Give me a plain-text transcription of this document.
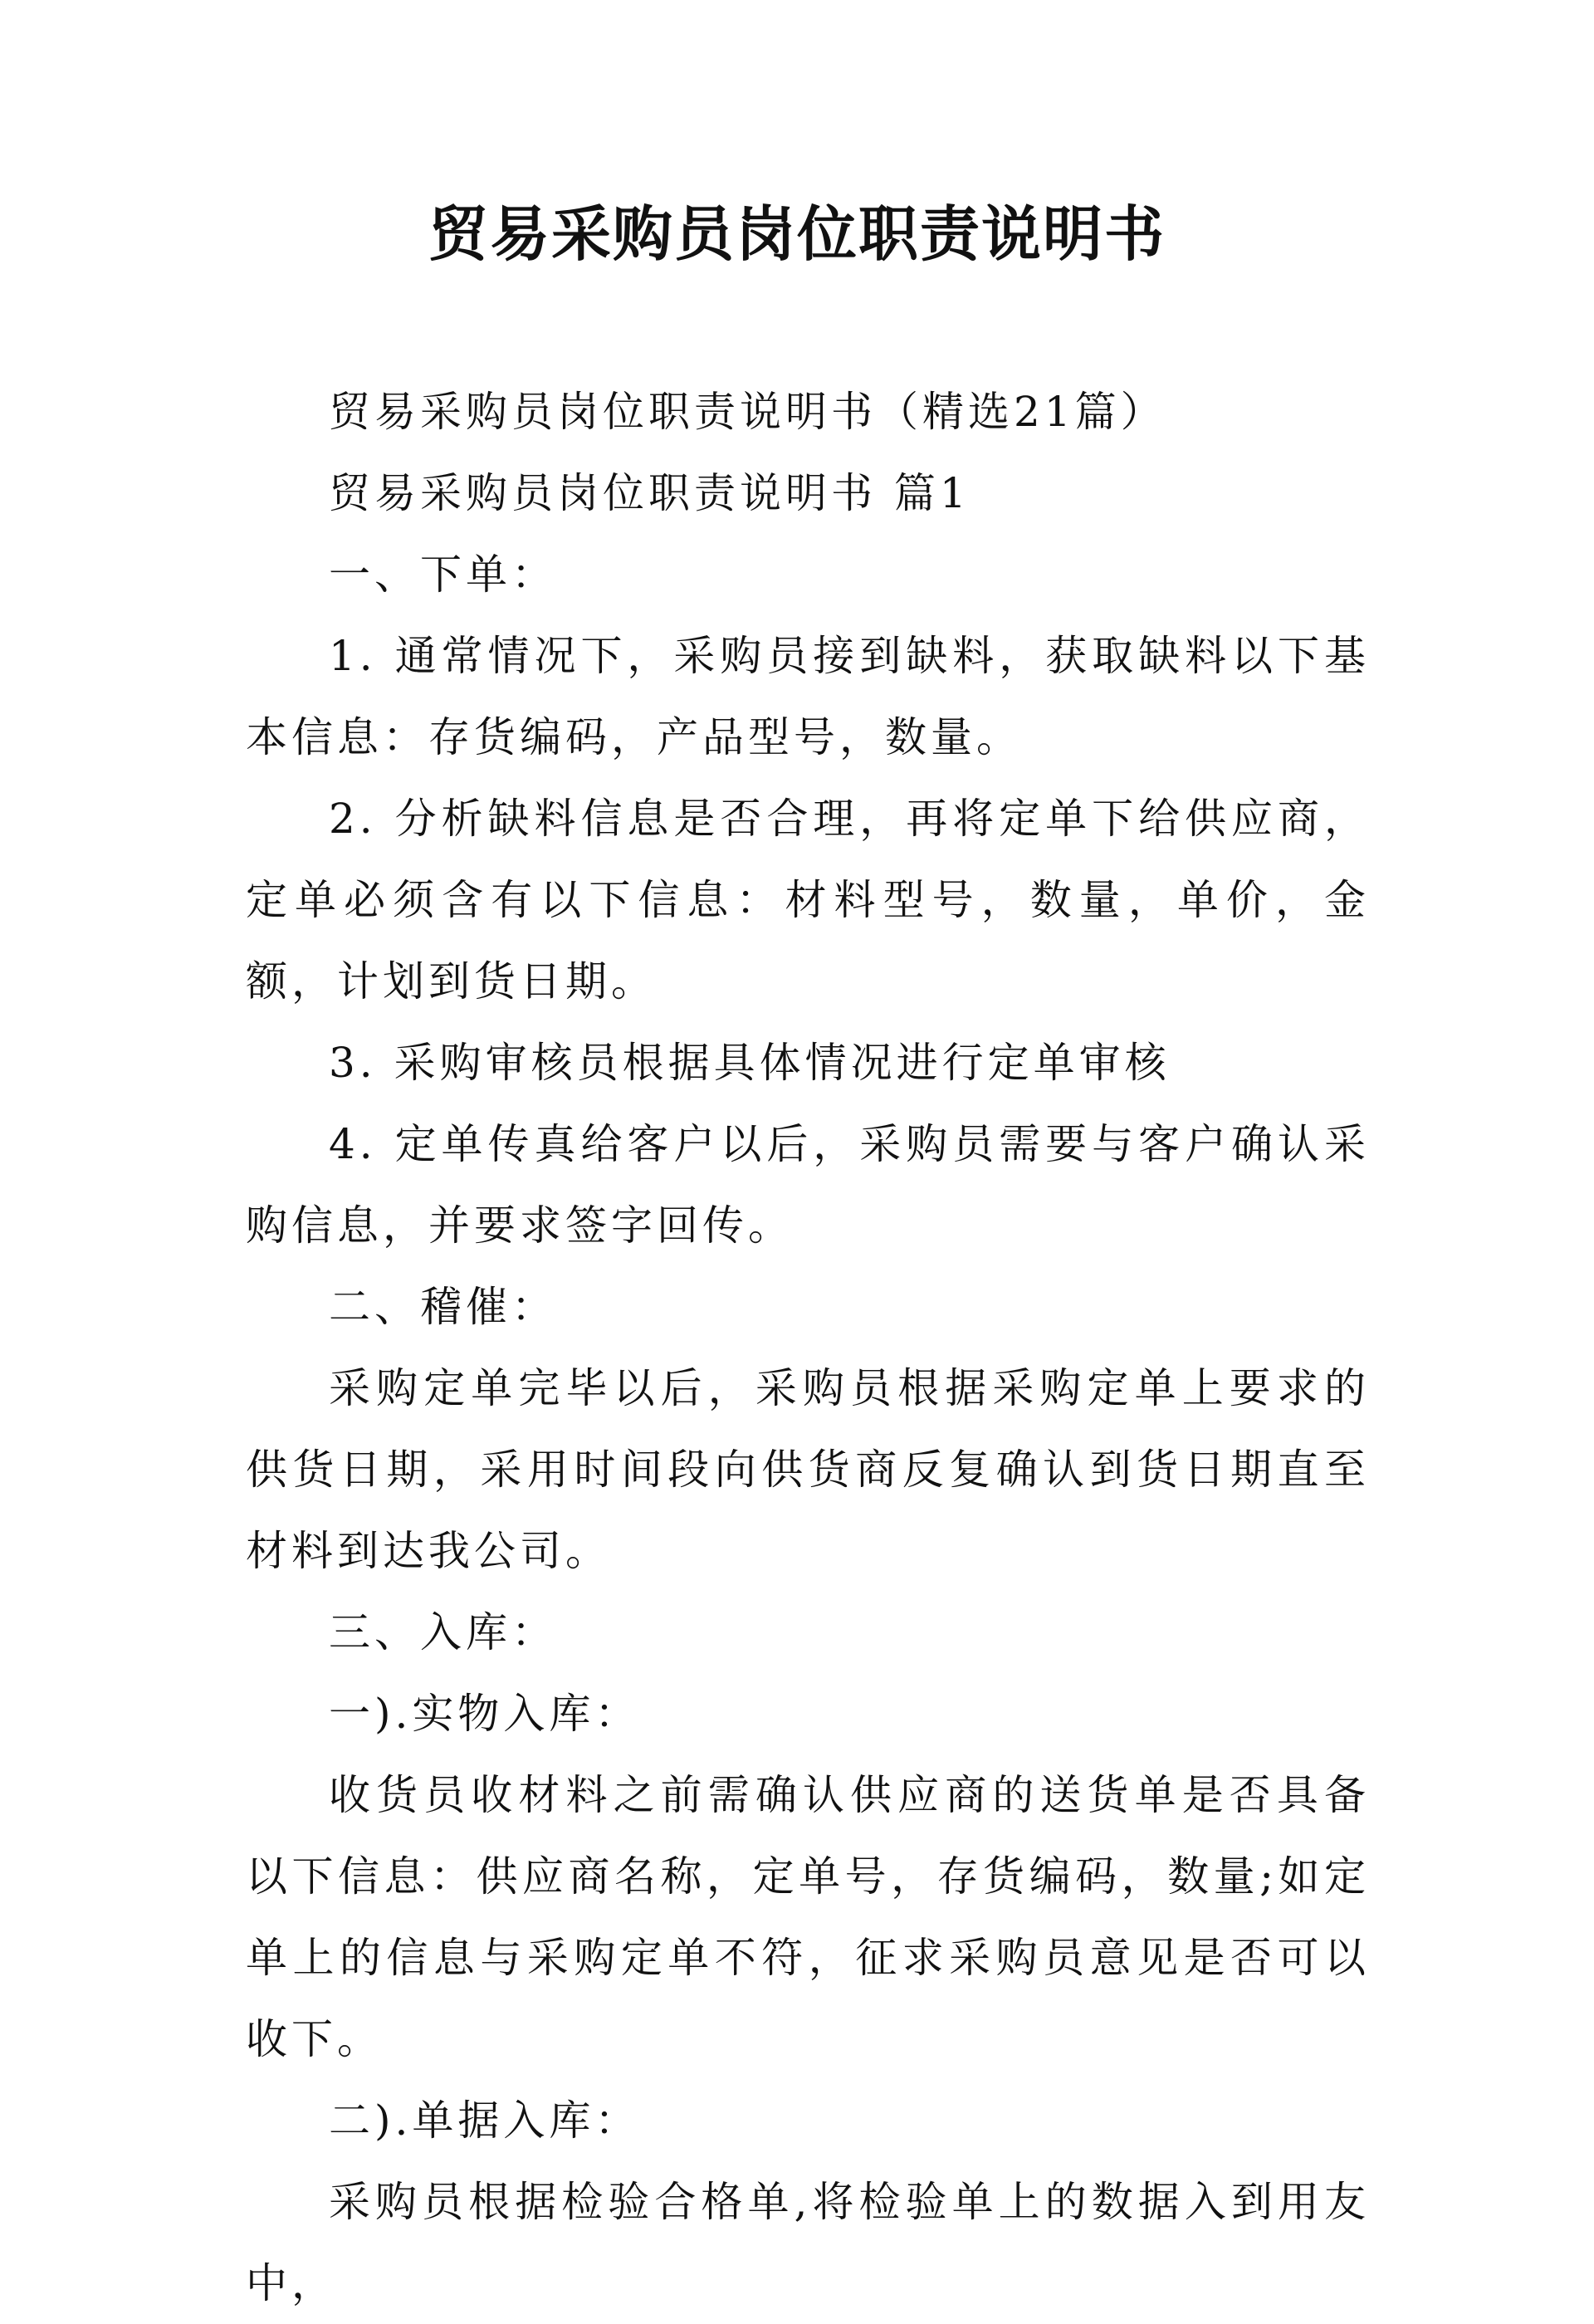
贸易采购员岗位职责说明书

贸易采购员岗位职责说明书（精选21篇）

贸易采购员岗位职责说明书 篇1

一、下单：

1. 通常情况下，采购员接到缺料，获取缺料以下基本信息：存货编码，产品型号，数量。

2. 分析缺料信息是否合理，再将定单下给供应商，定单必须含有以下信息：材料型号，数量，单价，金额，计划到货日期。

3. 采购审核员根据具体情况进行定单审核

4. 定单传真给客户以后，采购员需要与客户确认采购信息，并要求签字回传。

二、稽催：

采购定单完毕以后，采购员根据采购定单上要求的供货日期，采用时间段向供货商反复确认到货日期直至材料到达我公司。

三、入库：

一).实物入库：

收货员收材料之前需确认供应商的送货单是否具备以下信息：供应商名称，定单号，存货编码，数量;如定单上的信息与采购定单不符，征求采购员意见是否可以收下。

二).单据入库：

采购员根据检验合格单,将检验单上的数据入到用友中，
